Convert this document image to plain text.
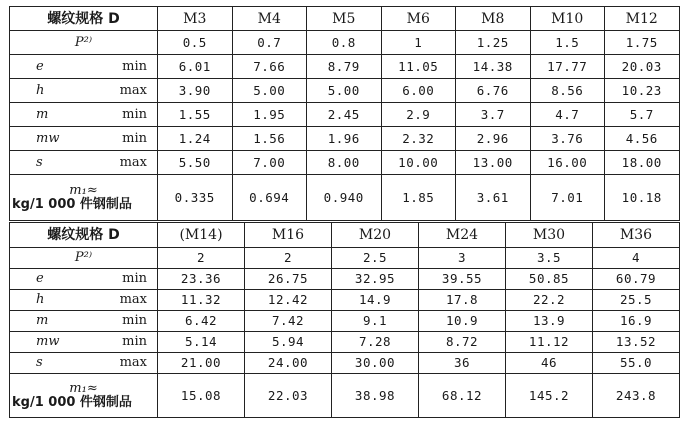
螺纹规格 D	M3	M4	M5	M6	M8	M10	M12
P²⁾	0.5	0.7	0.8	1	1.25	1.5	1.75

e min	6.01	7.66	8.79	11.05	14.38	17.77	20.03

h max	3.90	5.00	5.00	6.00	6.76	8.56	10.23

m min	1.55	1.95	2.45	2.9	3.7	4.7	5.7

mw min	1.24	1.56	1.96	2.32	2.96	3.76	4.56

s max	5.50	7.00	8.00	10.00	13.00	16.00	18.00

m₁≈
kg/1 000 件钢制品	0.335	0.694	0.940	1.85	3.61	7.01	10.18
螺纹规格 D	(M14)	M16	M20	M24	M30	M36
P²⁾	2	2	2.5	3	3.5	4

e min	23.36	26.75	32.95	39.55	50.85	60.79

h max	11.32	12.42	14.9	17.8	22.2	25.5

m min	6.42	7.42	9.1	10.9	13.9	16.9

mw min	5.14	5.94	7.28	8.72	11.12	13.52

s max	21.00	24.00	30.00	36	46	55.0

m₁≈
kg/1 000 件钢制品	15.08	22.03	38.98	68.12	145.2	243.8
